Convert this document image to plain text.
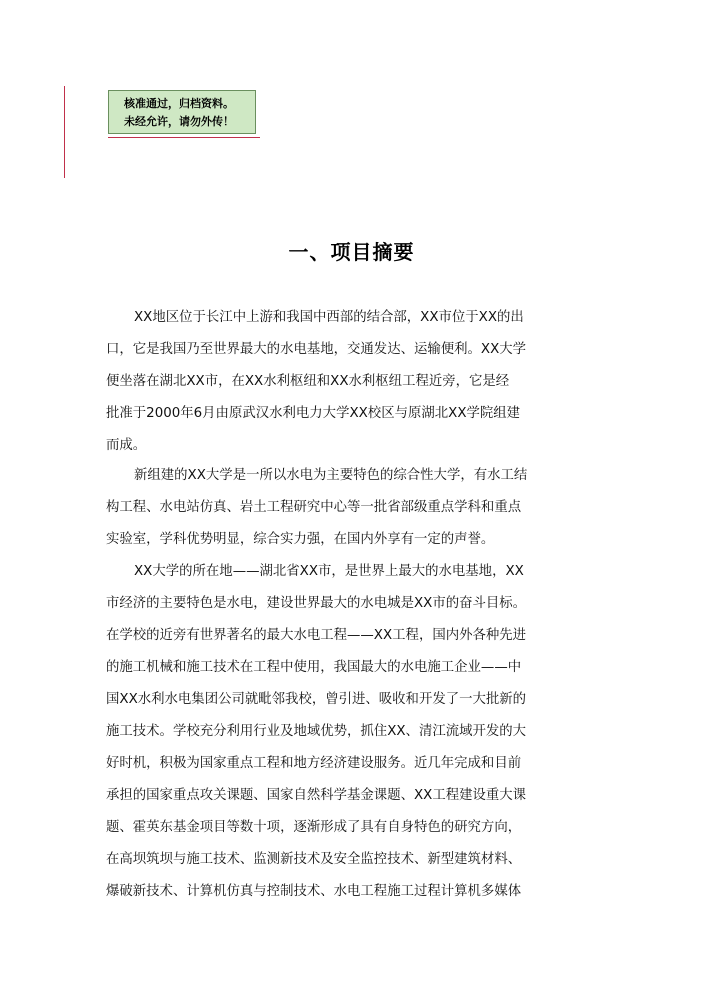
核准通过，归档资料。
未经允许，请勿外传！
一、项目摘要
XX地区位于长江中上游和我国中西部的结合部，XX市位于XX的出
口，它是我国乃至世界最大的水电基地，交通发达、运输便利。XX大学
便坐落在湖北XX市，在XX水利枢纽和XX水利枢纽工程近旁，它是经
批准于2000年6月由原武汉水利电力大学XX校区与原湖北XX学院组建
而成。
新组建的XX大学是一所以水电为主要特色的综合性大学，有水工结
构工程、水电站仿真、岩土工程研究中心等一批省部级重点学科和重点
实验室，学科优势明显，综合实力强，在国内外享有一定的声誉。
XX大学的所在地——湖北省XX市，是世界上最大的水电基地，XX
市经济的主要特色是水电，建设世界最大的水电城是XX市的奋斗目标。
在学校的近旁有世界著名的最大水电工程——XX工程，国内外各种先进
的施工机械和施工技术在工程中使用，我国最大的水电施工企业——中
国XX水利水电集团公司就毗邻我校，曾引进、吸收和开发了一大批新的
施工技术。学校充分利用行业及地域优势，抓住XX、清江流域开发的大
好时机，积极为国家重点工程和地方经济建设服务。近几年完成和目前
承担的国家重点攻关课题、国家自然科学基金课题、XX工程建设重大课
题、霍英东基金项目等数十项，逐渐形成了具有自身特色的研究方向，
在高坝筑坝与施工技术、监测新技术及安全监控技术、新型建筑材料、
爆破新技术、计算机仿真与控制技术、水电工程施工过程计算机多媒体
